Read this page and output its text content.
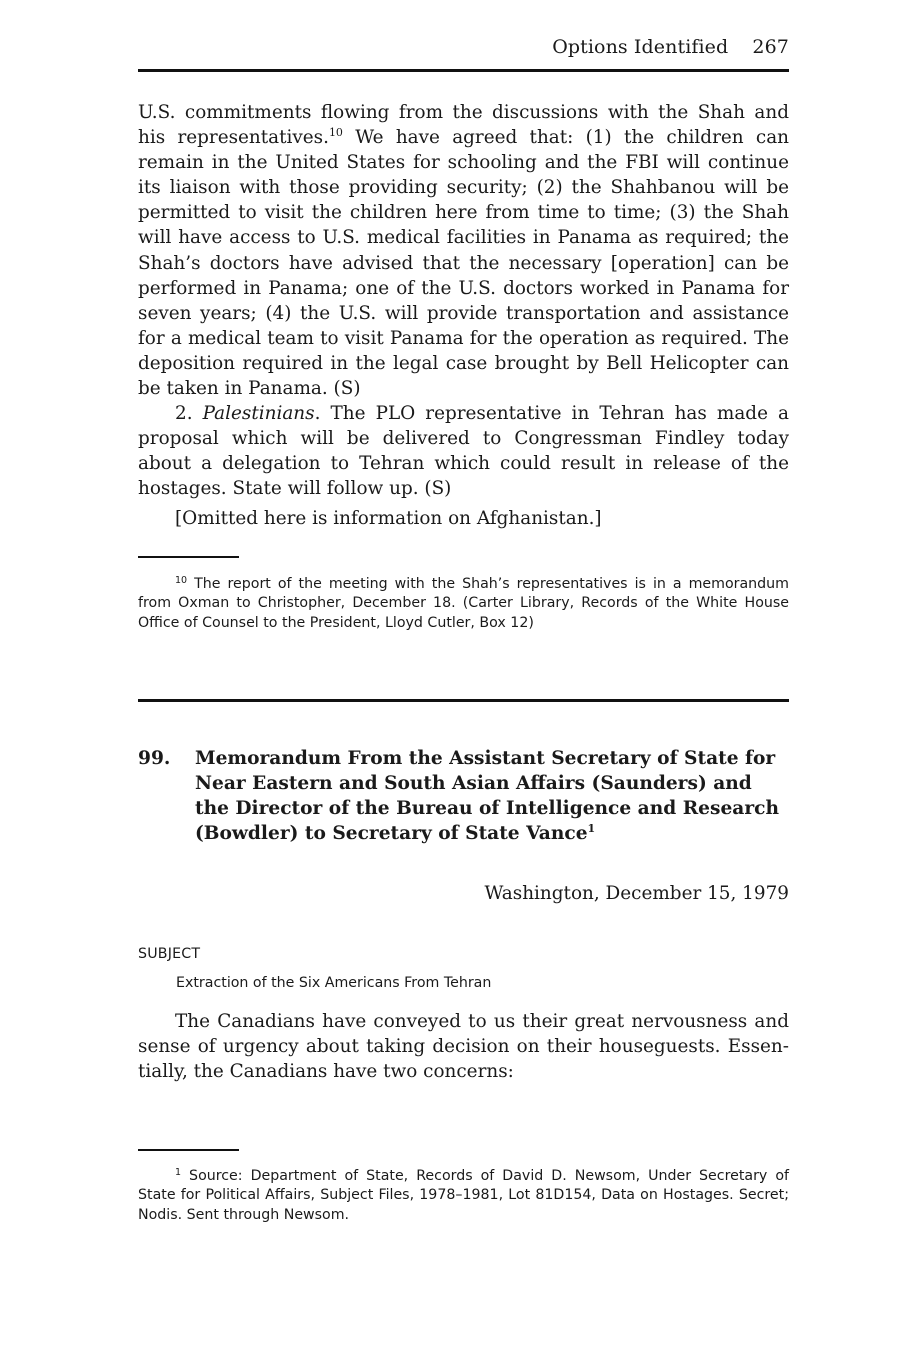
Options Identified 267

U.S. commitments flowing from the discussions with the Shah and his representatives.$^{10}$ We have agreed that: (1) the children can remain in the United States for schooling and the FBI will continue its liaison with those providing security; (2) the Shahbanou will be permitted to visit the children here from time to time; (3) the Shah will have access to U.S. medical facilities in Panama as required; the Shah’s doctors have advised that the necessary [operation] can be performed in Panama; one of the U.S. doctors worked in Panama for seven years; (4) the U.S. will provide transportation and assistance for a medical team to visit Panama for the operation as required. The deposition required in the legal case brought by Bell Helicopter can be taken in Panama. (S)

2. Palestinians. The PLO representative in Tehran has made a proposal which will be delivered to Congressman Findley today about a delegation to Tehran which could result in release of the hostages. State will follow up. (S)

[Omitted here is information on Afghanistan.]

$^{10}$ The report of the meeting with the Shah’s representatives is in a memorandum from Oxman to Christopher, December 18. (Carter Library, Records of the White House Office of Counsel to the President, Lloyd Cutler, Box 12)
99. Memorandum From the Assistant Secretary of State for Near Eastern and South Asian Affairs (Saunders) and the Director of the Bureau of Intelligence and Research (Bowdler) to Secretary of State Vance$^1$
Washington, December 15, 1979
SUBJECT
Extraction of the Six Americans From Tehran

The Canadians have conveyed to us their great nervousness and sense of urgency about taking decision on their houseguests. Essentially, the Canadians have two concerns:

$^1$ Source: Department of State, Records of David D. Newsom, Under Secretary of State for Political Affairs, Subject Files, 1978–1981, Lot 81D154, Data on Hostages. Secret; Nodis. Sent through Newsom.
